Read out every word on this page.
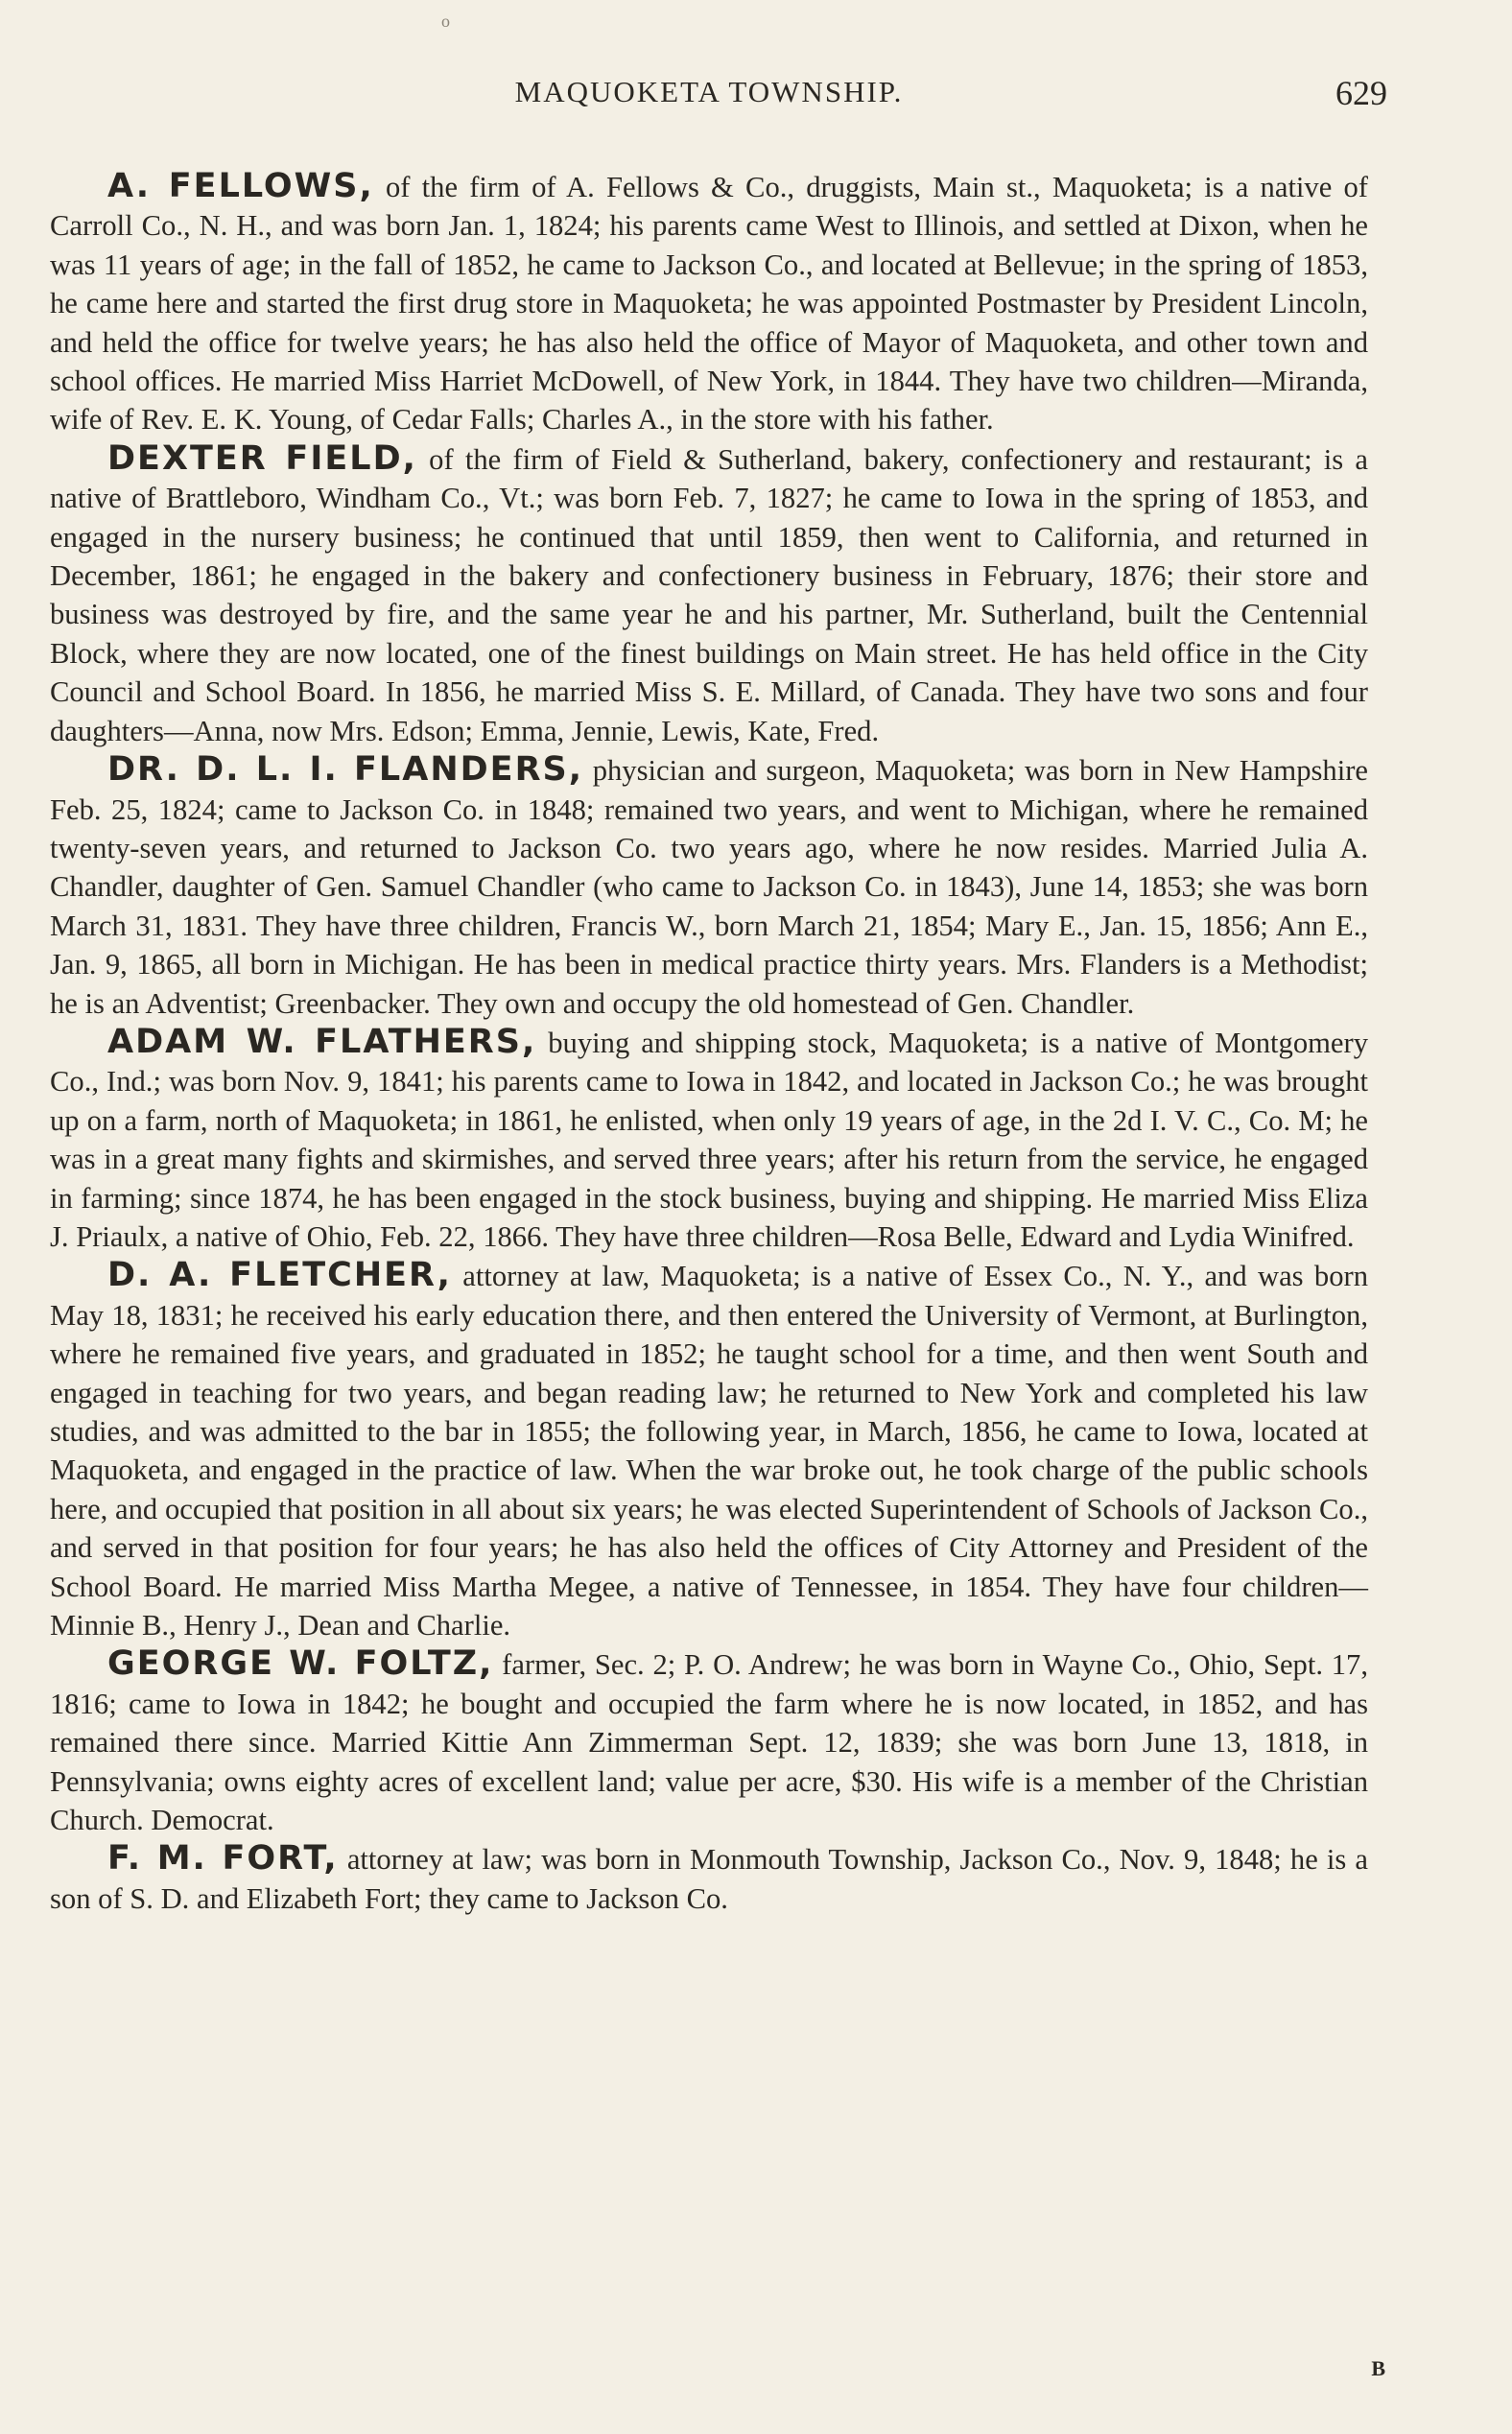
o
MAQUOKETA TOWNSHIP.	629

A. FELLOWS, of the firm of A. Fellows & Co., druggists, Main st., Maquoketa; is a native of Carroll Co., N. H., and was born Jan. 1, 1824; his parents came West to Illinois, and settled at Dixon, when he was 11 years of age; in the fall of 1852, he came to Jackson Co., and located at Bellevue; in the spring of 1853, he came here and started the first drug store in Maquoketa; he was appointed Postmaster by President Lincoln, and held the office for twelve years; he has also held the office of Mayor of Maquoketa, and other town and school offices. He married Miss Harriet McDowell, of New York, in 1844. They have two children—Miranda, wife of Rev. E. K. Young, of Cedar Falls; Charles A., in the store with his father.

DEXTER FIELD, of the firm of Field & Sutherland, bakery, confectionery and restaurant; is a native of Brattleboro, Windham Co., Vt.; was born Feb. 7, 1827; he came to Iowa in the spring of 1853, and engaged in the nursery business; he continued that until 1859, then went to California, and returned in December, 1861; he engaged in the bakery and confectionery business in February, 1876; their store and business was destroyed by fire, and the same year he and his partner, Mr. Sutherland, built the Centennial Block, where they are now located, one of the finest buildings on Main street. He has held office in the City Council and School Board. In 1856, he married Miss S. E. Millard, of Canada. They have two sons and four daughters—Anna, now Mrs. Edson; Emma, Jennie, Lewis, Kate, Fred.

DR. D. L. I. FLANDERS, physician and surgeon, Maquoketa; was born in New Hampshire Feb. 25, 1824; came to Jackson Co. in 1848; remained two years, and went to Michigan, where he remained twenty-seven years, and returned to Jackson Co. two years ago, where he now resides. Married Julia A. Chandler, daughter of Gen. Samuel Chandler (who came to Jackson Co. in 1843), June 14, 1853; she was born March 31, 1831. They have three children, Francis W., born March 21, 1854; Mary E., Jan. 15, 1856; Ann E., Jan. 9, 1865, all born in Michigan. He has been in medical practice thirty years. Mrs. Flanders is a Methodist; he is an Adventist; Greenbacker. They own and occupy the old homestead of Gen. Chandler.

ADAM W. FLATHERS, buying and shipping stock, Maquoketa; is a native of Montgomery Co., Ind.; was born Nov. 9, 1841; his parents came to Iowa in 1842, and located in Jackson Co.; he was brought up on a farm, north of Maquoketa; in 1861, he enlisted, when only 19 years of age, in the 2d I. V. C., Co. M; he was in a great many fights and skirmishes, and served three years; after his return from the service, he engaged in farming; since 1874, he has been engaged in the stock business, buying and shipping. He married Miss Eliza J. Priaulx, a native of Ohio, Feb. 22, 1866. They have three children—Rosa Belle, Edward and Lydia Winifred.

D. A. FLETCHER, attorney at law, Maquoketa; is a native of Essex Co., N. Y., and was born May 18, 1831; he received his early education there, and then entered the University of Vermont, at Burlington, where he remained five years, and graduated in 1852; he taught school for a time, and then went South and engaged in teaching for two years, and began reading law; he returned to New York and completed his law studies, and was admitted to the bar in 1855; the following year, in March, 1856, he came to Iowa, located at Maquoketa, and engaged in the practice of law. When the war broke out, he took charge of the public schools here, and occupied that position in all about six years; he was elected Superintendent of Schools of Jackson Co., and served in that position for four years; he has also held the offices of City Attorney and President of the School Board. He married Miss Martha Megee, a native of Tennessee, in 1854. They have four children—Minnie B., Henry J., Dean and Charlie.

GEORGE W. FOLTZ, farmer, Sec. 2; P. O. Andrew; he was born in Wayne Co., Ohio, Sept. 17, 1816; came to Iowa in 1842; he bought and occupied the farm where he is now located, in 1852, and has remained there since. Married Kittie Ann Zimmerman Sept. 12, 1839; she was born June 13, 1818, in Pennsylvania; owns eighty acres of excellent land; value per acre, $30. His wife is a member of the Christian Church. Democrat.

F. M. FORT, attorney at law; was born in Monmouth Township, Jackson Co., Nov. 9, 1848; he is a son of S. D. and Elizabeth Fort; they came to Jackson Co.

B
